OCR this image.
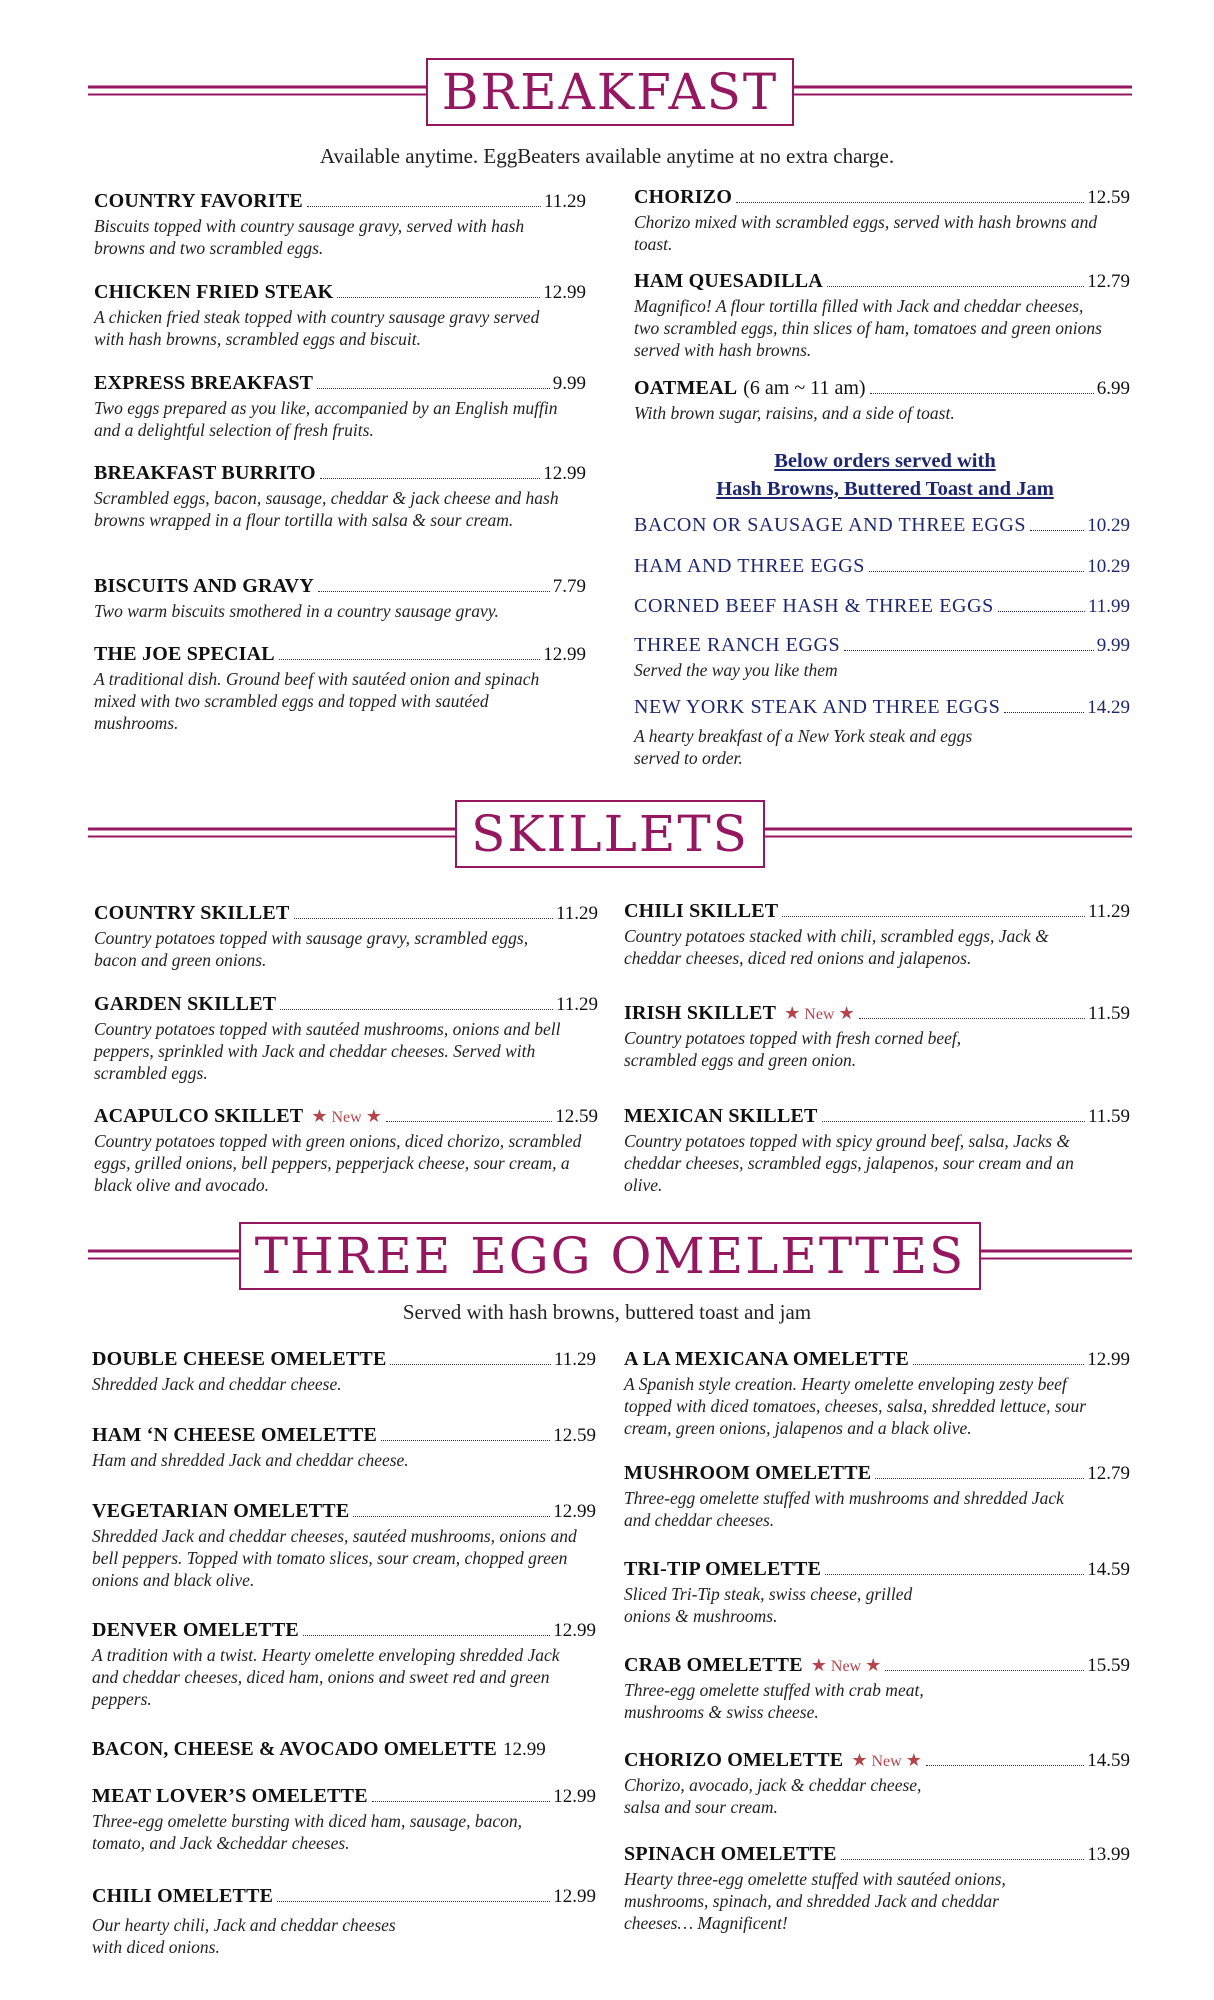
BREAKFAST
Available anytime. EggBeaters available anytime at no extra charge.
COUNTRY FAVORITE	11.29
Biscuits topped with country sausage gravy, served with hash browns and two scrambled eggs.
CHICKEN FRIED STEAK	12.99
A chicken fried steak topped with country sausage gravy served with hash browns, scrambled eggs and biscuit.
EXPRESS BREAKFAST	9.99
Two eggs prepared as you like, accompanied by an English muffin and a delightful selection of fresh fruits.
BREAKFAST BURRITO	12.99
Scrambled eggs, bacon, sausage, cheddar & jack cheese and hash browns wrapped in a flour tortilla with salsa & sour cream.
BISCUITS AND GRAVY	7.79
Two warm biscuits smothered in a country sausage gravy.
THE JOE SPECIAL	12.99
A traditional dish. Ground beef with sautéed onion and spinach mixed with two scrambled eggs and topped with sautéed mushrooms.
CHORIZO	12.59
Chorizo mixed with scrambled eggs, served with hash browns and toast.
HAM QUESADILLA	12.79
Magnifico! A flour tortilla filled with Jack and cheddar cheeses, two scrambled eggs, thin slices of ham, tomatoes and green onions served with hash browns.
OATMEAL (6 am ~ 11 am)	6.99
With brown sugar, raisins, and a side of toast.
Below orders served with
Hash Browns, Buttered Toast and Jam
BACON OR SAUSAGE AND THREE EGGS	10.29
HAM AND THREE EGGS	10.29
CORNED BEEF HASH & THREE EGGS	11.99
THREE RANCH EGGS	9.99
Served the way you like them
NEW YORK STEAK AND THREE EGGS	14.29
A hearty breakfast of a New York steak and eggs served to order.
SKILLETS
COUNTRY SKILLET	11.29
Country potatoes topped with sausage gravy, scrambled eggs, bacon and green onions.
GARDEN SKILLET	11.29
Country potatoes topped with sautéed mushrooms, onions and bell peppers, sprinkled with Jack and cheddar cheeses. Served with scrambled eggs.
ACAPULCO SKILLET ★ New ★	12.59
Country potatoes topped with green onions, diced chorizo, scrambled eggs, grilled onions, bell peppers, pepperjack cheese, sour cream, a black olive and avocado.
CHILI SKILLET	11.29
Country potatoes stacked with chili, scrambled eggs, Jack & cheddar cheeses, diced red onions and jalapenos.
IRISH SKILLET ★ New ★	11.59
Country potatoes topped with fresh corned beef, scrambled eggs and green onion.
MEXICAN SKILLET	11.59
Country potatoes topped with spicy ground beef, salsa, Jacks & cheddar cheeses, scrambled eggs, jalapenos, sour cream and an olive.
THREE EGG OMELETTES
Served with hash browns, buttered toast and jam
DOUBLE CHEESE OMELETTE	11.29
Shredded Jack and cheddar cheese.
HAM ‘N CHEESE OMELETTE	12.59
Ham and shredded Jack and cheddar cheese.
VEGETARIAN OMELETTE	12.99
Shredded Jack and cheddar cheeses, sautéed mushrooms, onions and bell peppers. Topped with tomato slices, sour cream, chopped green onions and black olive.
DENVER OMELETTE	12.99
A tradition with a twist. Hearty omelette enveloping shredded Jack and cheddar cheeses, diced ham, onions and sweet red and green peppers.
BACON, CHEESE & AVOCADO OMELETTE 12.99
MEAT LOVER’S OMELETTE	12.99
Three-egg omelette bursting with diced ham, sausage, bacon, tomato, and Jack &cheddar cheeses.
CHILI OMELETTE	12.99
Our hearty chili, Jack and cheddar cheeses with diced onions.
A LA MEXICANA OMELETTE	12.99
A Spanish style creation. Hearty omelette enveloping zesty beef topped with diced tomatoes, cheeses, salsa, shredded lettuce, sour cream, green onions, jalapenos and a black olive.
MUSHROOM OMELETTE	12.79
Three-egg omelette stuffed with mushrooms and shredded Jack and cheddar cheeses.
TRI-TIP OMELETTE	14.59
Sliced Tri-Tip steak, swiss cheese, grilled onions & mushrooms.
CRAB OMELETTE ★ New ★	15.59
Three-egg omelette stuffed with crab meat, mushrooms & swiss cheese.
CHORIZO OMELETTE ★ New ★	14.59
Chorizo, avocado, jack & cheddar cheese, salsa and sour cream.
SPINACH OMELETTE	13.99
Hearty three-egg omelette stuffed with sautéed onions, mushrooms, spinach, and shredded Jack and cheddar cheeses… Magnificent!
